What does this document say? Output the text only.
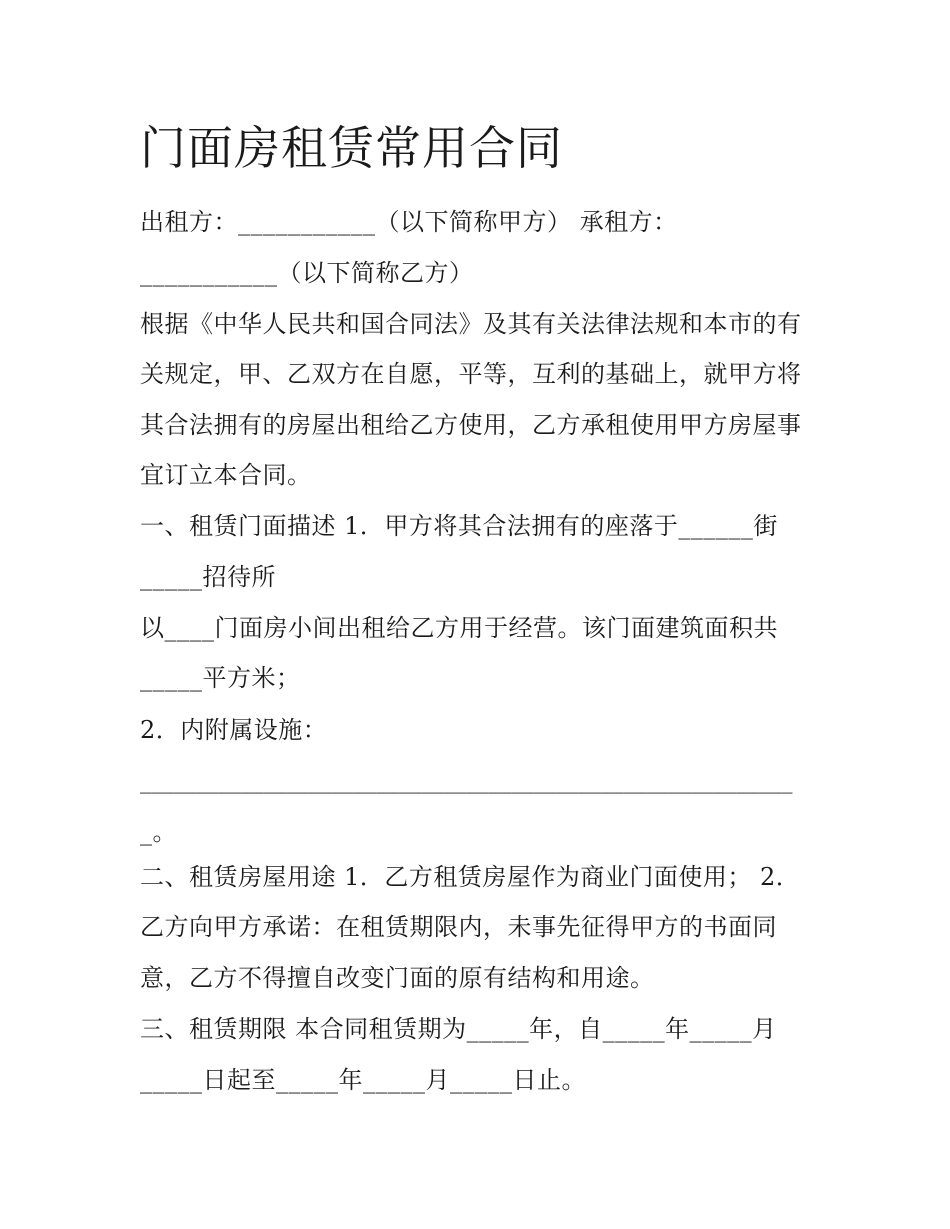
门面房租赁常用合同
出租方：___________（以下简称甲方） 承租方：
___________（以下简称乙方）
根据《中华人民共和国合同法》及其有关法律法规和本市的有
关规定，甲、乙双方在自愿，平等，互利的基础上，就甲方将
其合法拥有的房屋出租给乙方使用，乙方承租使用甲方房屋事
宜订立本合同。
一、租赁门面描述 1．甲方将其合法拥有的座落于______街
_____招待所
以____门面房小间出租给乙方用于经营。该门面建筑面积共
_____平方米；
2．内附属设施：
__________________________________________________________
_。
二、租赁房屋用途 1．乙方租赁房屋作为商业门面使用； 2．
乙方向甲方承诺：在租赁期限内，未事先征得甲方的书面同
意，乙方不得擅自改变门面的原有结构和用途。
三、租赁期限 本合同租赁期为_____年，自_____年_____月
_____日起至_____年_____月_____日止。
